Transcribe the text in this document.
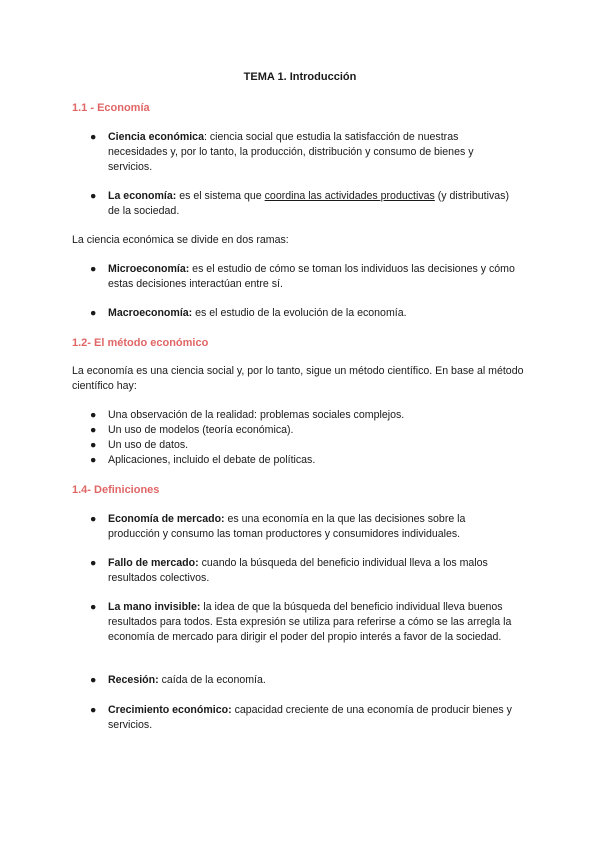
TEMA 1. Introducción
1.1 - Economía
●	Ciencia económica: ciencia social que estudia la satisfacción de nuestras necesidades y, por lo tanto, la producción, distribución y consumo de bienes y servicios.
●	La economía: es el sistema que coordina las actividades productivas (y distributivas) de la sociedad.
La ciencia económica se divide en dos ramas:
●	Microeconomía: es el estudio de cómo se toman los individuos las decisiones y cómo estas decisiones interactúan entre sí.
●	Macroeconomía: es el estudio de la evolución de la economía.
1.2- El método económico
La economía es una ciencia social y, por lo tanto, sigue un método científico. En base al método científico hay:
●	Una observación de la realidad: problemas sociales complejos.
●	Un uso de modelos (teoría económica).
●	Un uso de datos.
●	Aplicaciones, incluido el debate de políticas.
1.4- Definiciones
●	Economía de mercado: es una economía en la que las decisiones sobre la producción y consumo las toman productores y consumidores individuales.
●	Fallo de mercado: cuando la búsqueda del beneficio individual lleva a los malos resultados colectivos.
●	La mano invisible: la idea de que la búsqueda del beneficio individual lleva buenos resultados para todos. Esta expresión se utiliza para referirse a cómo se las arregla la economía de mercado para dirigir el poder del propio interés a favor de la sociedad.
●	Recesión: caída de la economía.
●	Crecimiento económico: capacidad creciente de una economía de producir bienes y servicios.
